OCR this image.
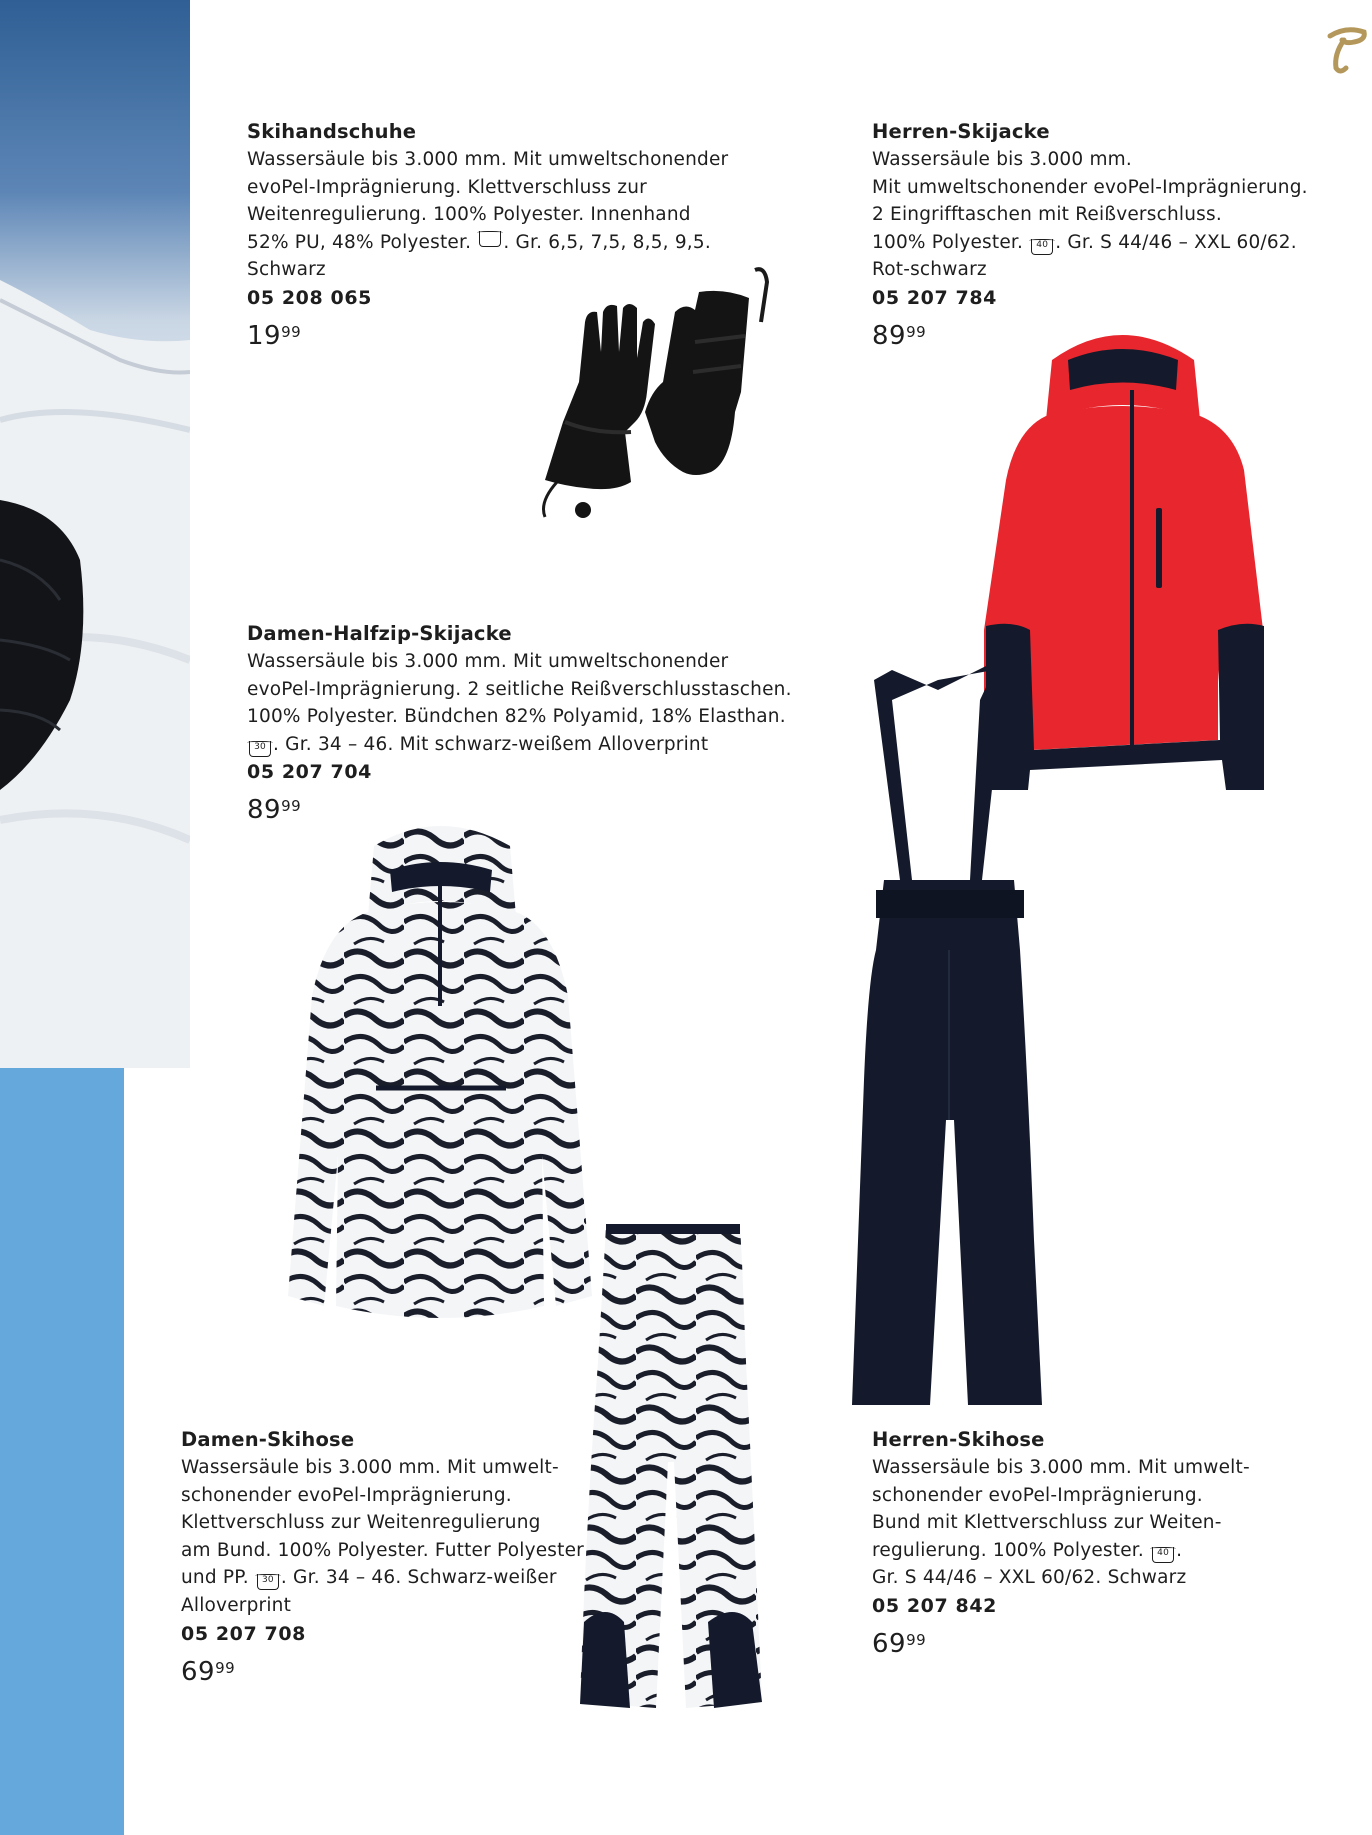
Skihandschuhe
Wassersäule bis 3.000 mm. Mit umweltschonender
evoPel-Imprägnierung. Klettverschluss zur
Weitenregulierung. 100% Polyester. Innenhand
52% PU, 48% Polyester. . Gr. 6,5, 7,5, 8,5, 9,5.
Schwarz
05 208 065
$19^{99}$
Herren-Skijacke
Wassersäule bis 3.000 mm.
Mit umweltschonender evoPel-Imprägnierung.
2 Eingrifftaschen mit Reißverschluss.
100% Polyester. 40 . Gr. S 44/46 – XXL 60/62.
Rot-schwarz
05 207 784
$89^{99}$
Damen-Halfzip-Skijacke
Wassersäule bis 3.000 mm. Mit umweltschonender
evoPel-Imprägnierung. 2 seitliche Reißverschlusstaschen.
100% Polyester. Bündchen 82% Polyamid, 18% Elasthan.
30 . Gr. 34 – 46. Mit schwarz-weißem Alloverprint
05 207 704
$89^{99}$
Damen-Skihose
Wassersäule bis 3.000 mm. Mit umwelt-
schonender evoPel-Imprägnierung.
Klettverschluss zur Weitenregulierung
am Bund. 100% Polyester. Futter Polyester
und PP. 30 . Gr. 34 – 46. Schwarz-weißer
Alloverprint
05 207 708
$69^{99}$
Herren-Skihose
Wassersäule bis 3.000 mm. Mit umwelt-
schonender evoPel-Imprägnierung.
Bund mit Klettverschluss zur Weiten-
regulierung. 100% Polyester. 40 .
Gr. S 44/46 – XXL 60/62. Schwarz
05 207 842
$69^{99}$
